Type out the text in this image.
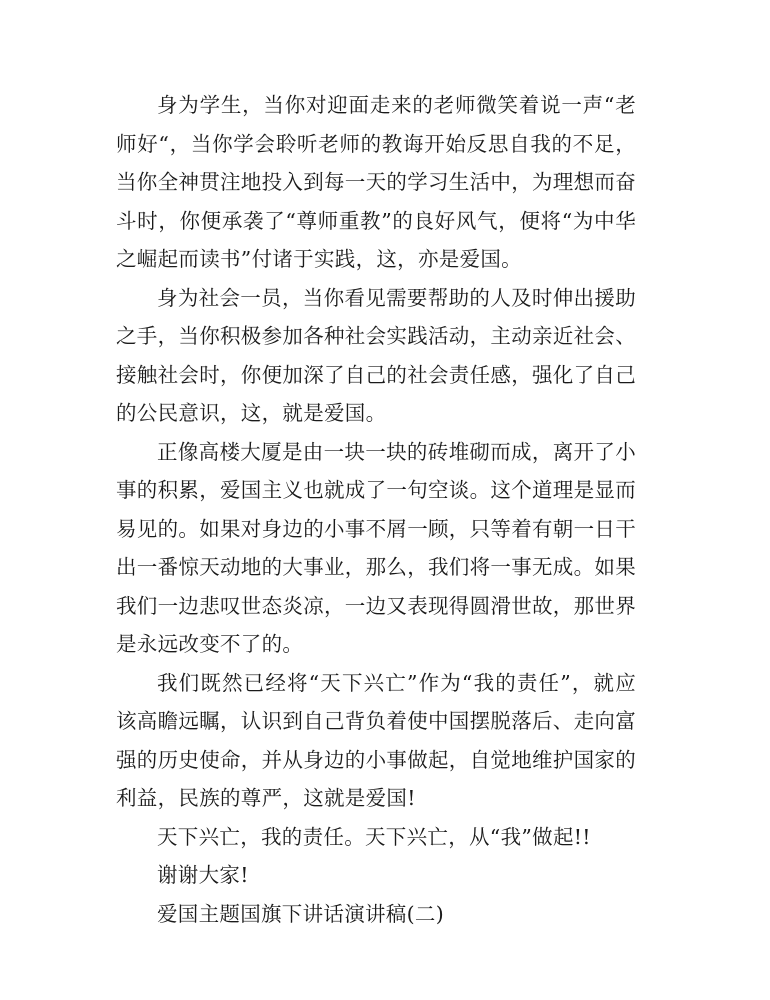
身为学生，当你对迎面走来的老师微笑着说一声“老师好“，当你学会聆听老师的教诲开始反思自我的不足，当你全神贯注地投入到每一天的学习生活中，为理想而奋斗时，你便承袭了“尊师重教”的良好风气，便将“为中华之崛起而读书”付诸于实践，这，亦是爱国。

身为社会一员，当你看见需要帮助的人及时伸出援助之手，当你积极参加各种社会实践活动，主动亲近社会、接触社会时，你便加深了自己的社会责任感，强化了自己的公民意识，这，就是爱国。

正像高楼大厦是由一块一块的砖堆砌而成，离开了小事的积累，爱国主义也就成了一句空谈。这个道理是显而易见的。如果对身边的小事不屑一顾，只等着有朝一日干出一番惊天动地的大事业，那么，我们将一事无成。如果我们一边悲叹世态炎凉，一边又表现得圆滑世故，那世界是永远改变不了的。

我们既然已经将“天下兴亡”作为“我的责任”，就应该高瞻远瞩，认识到自己背负着使中国摆脱落后、走向富强的历史使命，并从身边的小事做起，自觉地维护国家的利益，民族的尊严，这就是爱国!

天下兴亡，我的责任。天下兴亡，从“我”做起!!

谢谢大家!

爱国主题国旗下讲话演讲稿(二)
